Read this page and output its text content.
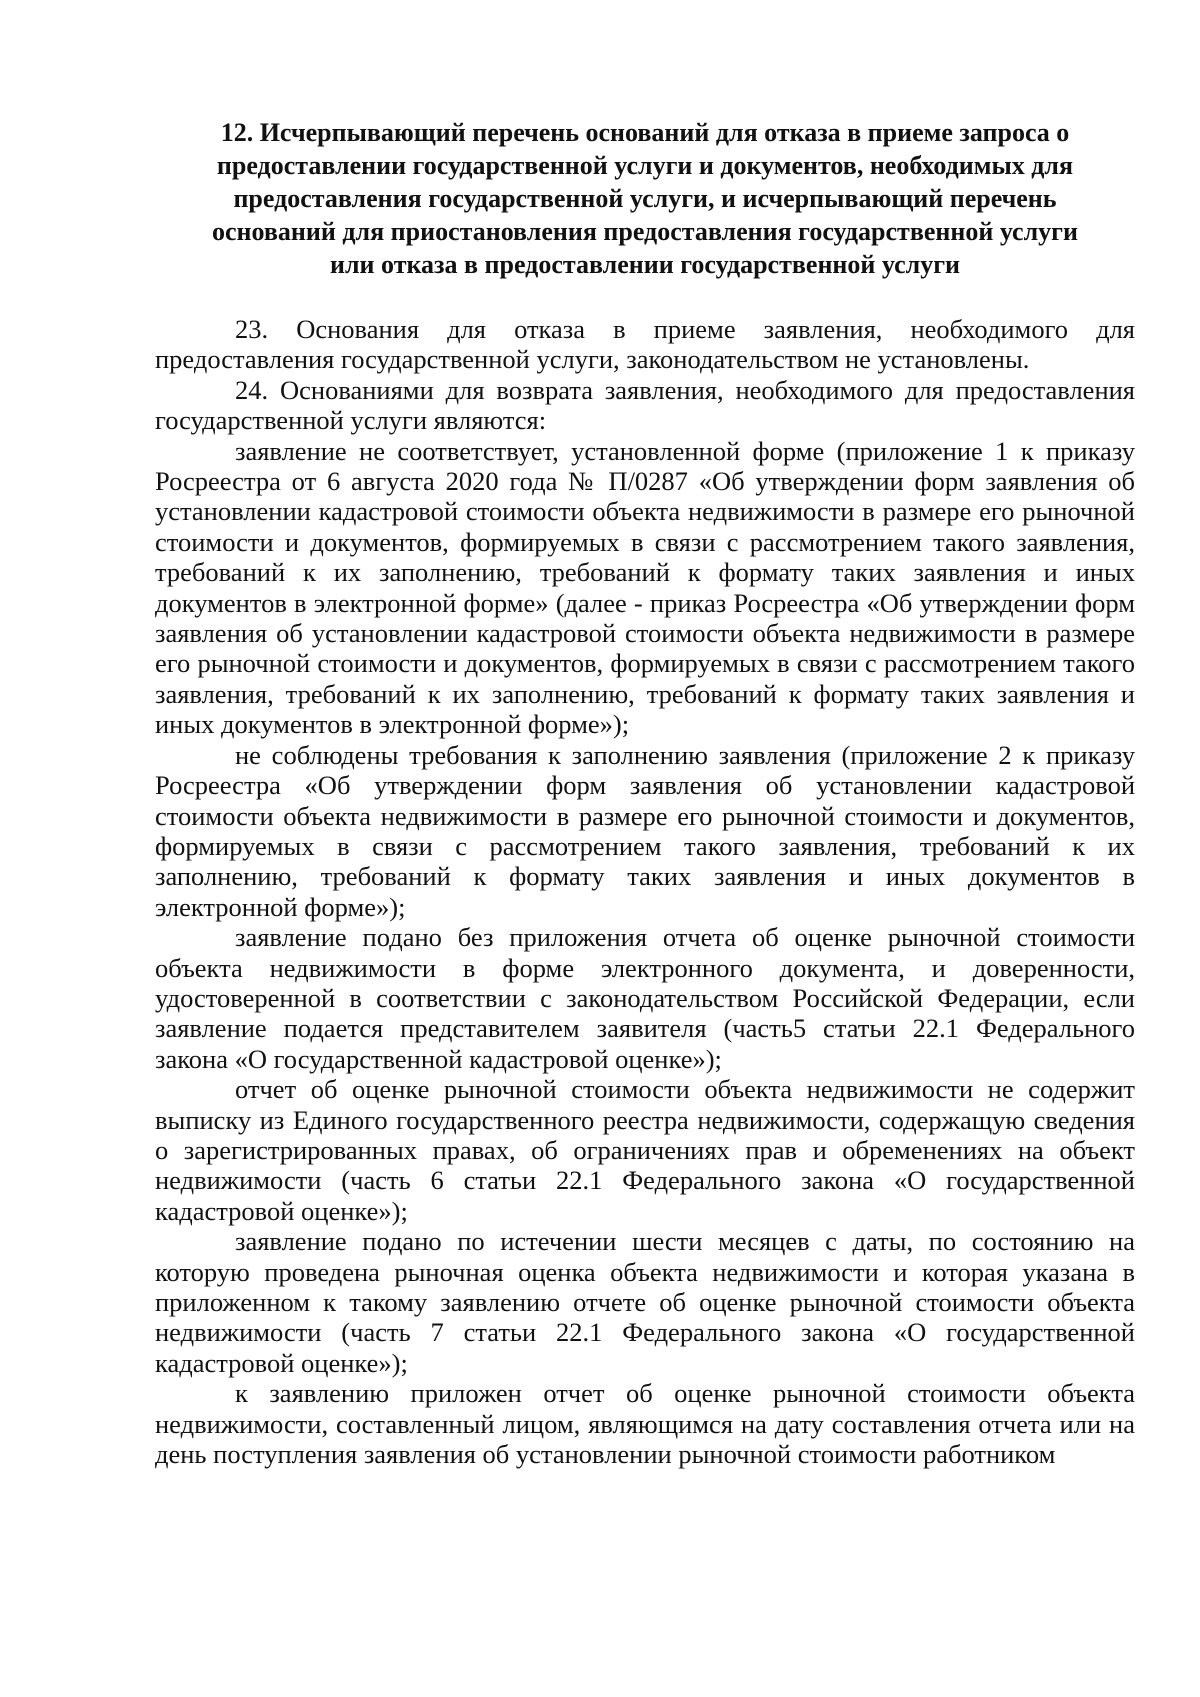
12. Исчерпывающий перечень оснований для отказа в приеме запроса о
предоставлении государственной услуги и документов, необходимых для
предоставления государственной услуги, и исчерпывающий перечень
оснований для приостановления предоставления государственной услуги
или отказа в предоставлении государственной услуги

23. Основания для отказа в приеме заявления, необходимого для предоставления государственной услуги, законодательством не установлены.

24. Основаниями для возврата заявления, необходимого для предоставления государственной услуги являются:

заявление не соответствует, установленной форме (приложение 1 к приказу Росреестра от 6 августа 2020 года № П/0287 «Об утверждении форм заявления об установлении кадастровой стоимости объекта недвижимости в размере его рыночной стоимости и документов, формируемых в связи с рассмотрением такого заявления, требований к их заполнению, требований к формату таких заявления и иных документов в электронной форме» (далее - приказ Росреестра «Об утверждении форм заявления об установлении кадастровой стоимости объекта недвижимости в размере его рыночной стоимости и документов, формируемых в связи с рассмотрением такого заявления, требований к их заполнению, требований к формату таких заявления и иных документов в электронной форме»);

не соблюдены требования к заполнению заявления (приложение 2 к приказу Росреестра «Об утверждении форм заявления об установлении кадастровой стоимости объекта недвижимости в размере его рыночной стоимости и документов, формируемых в связи с рассмотрением такого заявления, требований к их заполнению, требований к формату таких заявления и иных документов в электронной форме»);

заявление подано без приложения отчета об оценке рыночной стоимости объекта недвижимости в форме электронного документа, и доверенности, удостоверенной в соответствии с законодательством Российской Федерации, если заявление подается представителем заявителя (часть5 статьи 22.1 Федерального закона «О государственной кадастровой оценке»);

отчет об оценке рыночной стоимости объекта недвижимости не содержит выписку из Единого государственного реестра недвижимости, содержащую сведения о зарегистрированных правах, об ограничениях прав и обременениях на объект недвижимости (часть 6 статьи 22.1 Федерального закона «О государственной кадастровой оценке»);

заявление подано по истечении шести месяцев с даты, по состоянию на которую проведена рыночная оценка объекта недвижимости и которая указана в приложенном к такому заявлению отчете об оценке рыночной стоимости объекта недвижимости (часть 7 статьи 22.1 Федерального закона «О государственной кадастровой оценке»);

к заявлению приложен отчет об оценке рыночной стоимости объекта недвижимости, составленный лицом, являющимся на дату составления отчета или на день поступления заявления об установлении рыночной стоимости работником
